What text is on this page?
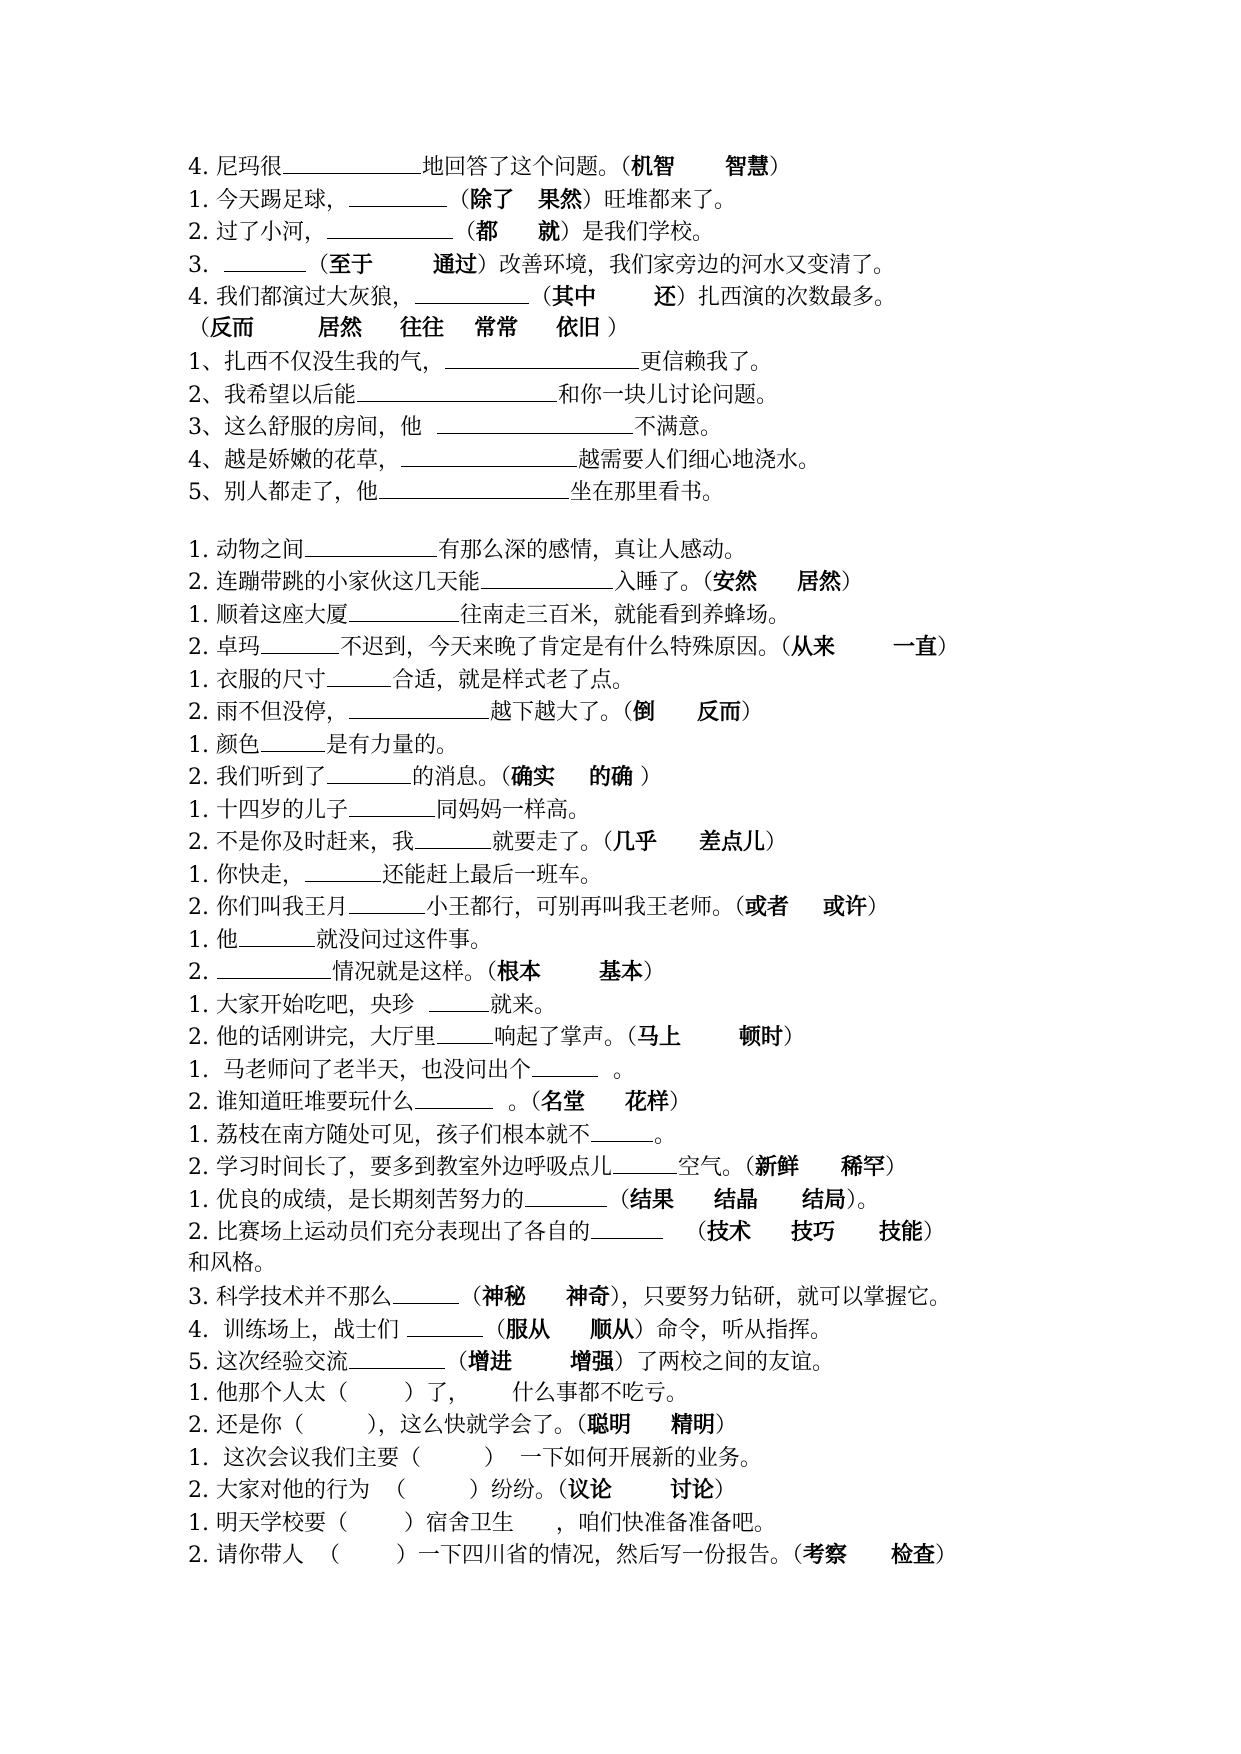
4. 尼玛很	地回答了这个问题。（机智 智慧）
1. 今天踢足球，	（除了 果然）旺堆都来了。
2. 过了小河，	（都 就）是我们学校。
3.	（至于	通过）改善环境，我们家旁边的河水又变清了。
4. 我们都演过大灰狼，	（其中	还）扎西演的次数最多。
（反而	居然 往往 常常 依旧 ）
1、扎西不仅没生我的气，	更信赖我了。
2、我希望以后能	和你一块儿讨论问题。
3、这么舒服的房间，他	不满意。
4、越是娇嫩的花草，	越需要人们细心地浇水。
5、别人都走了，他	坐在那里看书。
1. 动物之间	有那么深的感情，真让人感动。
2. 连蹦带跳的小家伙这几天能	入睡了。（安然 居然）
1. 顺着这座大厦	往南走三百米，就能看到养蜂场。
2. 卓玛	不迟到，今天来晚了肯定是有什么特殊原因。（从来	一直）
1. 衣服的尺寸	合适，就是样式老了点。
2. 雨不但没停，	越下越大了。（倒 反而）
1. 颜色	是有力量的。
2. 我们听到了	的消息。（确实 的确 ）
1. 十四岁的儿子	同妈妈一样高。
2. 不是你及时赶来，我	就要走了。（几乎 差点儿）
1. 你快走，	还能赶上最后一班车。
2. 你们叫我王月	小王都行，可别再叫我王老师。（或者 或许）
1. 他	就没问过这件事。
2.	情况就是这样。（根本	基本）
1. 大家开始吃吧，央珍	就来。
2. 他的话刚讲完，大厅里	响起了掌声。（马上	顿时）
1.  马老师问了老半天，也没问出个	。
2. 谁知道旺堆要玩什么	。（名堂 花样）
1. 荔枝在南方随处可见，孩子们根本就不	。
2. 学习时间长了，要多到教室外边呼吸点儿	空气。（新鲜 稀罕）
1. 优良的成绩，是长期刻苦努力的	（结果 结晶 结局）。
2. 比赛场上运动员们充分表现出了各自的	（技术 技巧 技能）
和风格。
3. 科学技术并不那么	（神秘 神奇），只要努力钻研，就可以掌握它。
4.  训练场上，战士们	（服从 顺从）命令，听从指挥。
5. 这次经验交流	（增进	增强）了两校之间的友谊。
1. 他那个人太（        ）了，      什么事都不吃亏。
2. 还是你（         ），这么快就学会了。（聪明 精明）
1.  这次会议我们主要（         ）  一下如何开展新的业务。
2. 大家对他的行为  （         ）纷纷。（议论	讨论）
1. 明天学校要（        ）宿舍卫生      ，咱们快准备准备吧。
2. 请你带人  （        ）一下四川省的情况，然后写一份报告。（考察 检查）
